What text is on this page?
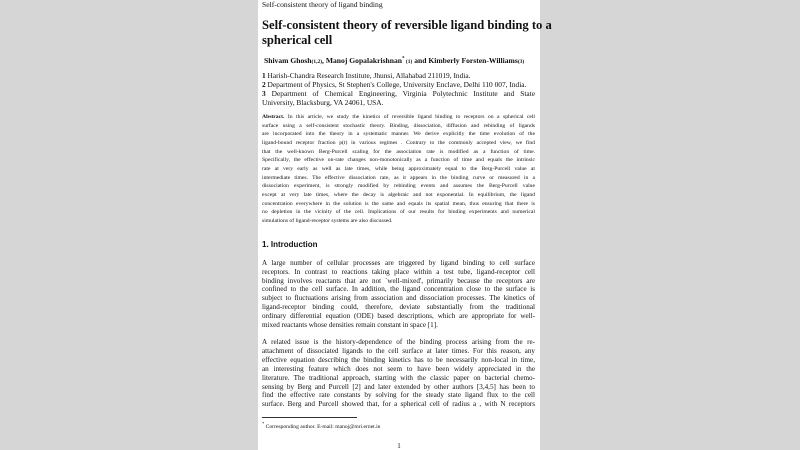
Self-consistent theory of ligand binding
Self-consistent theory of reversible ligand binding to a
spherical cell
Shivam Ghosh(1,2), Manoj Gopalakrishnan* (1) and Kimberly Forsten-Williams(3)
1 Harish-Chandra Research Institute, Jhunsi, Allahabad 211019, India.
2 Department of Physics, St Stephen's College, University Enclave, Delhi 110 007, India.
3 Department of Chemical Engineering, Virginia Polytechnic Institute and State
University, Blacksburg, VA 24061, USA.
Abstract. In this article, we study the kinetics of reversible ligand binding to receptors on a spherical cell
surface using a self-consistent stochastic theory. Binding, dissociation, diffusion and rebinding of ligands
are incorporated into the theory in a systematic manner. We derive explicitly the time evolution of the
ligand-bound receptor fraction p(t) in various regimes . Contrary to the commonly accepted view, we find
that the well-known Berg-Purcell scaling for the association rate is modified as a function of time.
Specifically, the effective on-rate changes non-monotonically as a function of time and equals the intrinsic
rate at very early as well as late times, while being approximately equal to the Berg-Purcell value at
intermediate times. The effective dissociation rate, as it appears in the binding curve or measured in a
dissociation experiment, is strongly modified by rebinding events and assumes the Berg-Purcell value
except at very late times, where the decay is algebraic and not exponential. In equilibrium, the ligand
concentration everywhere in the solution is the same and equals its spatial mean, thus ensuring that there is
no depletion in the vicinity of the cell. Implications of our results for binding experiments and numerical
simulations of ligand-receptor systems are also discussed.
1. Introduction
A large number of cellular processes are triggered by ligand binding to cell surface
receptors. In contrast to reactions taking place within a test tube, ligand-receptor cell
binding involves reactants that are not `well-mixed', primarily because the receptors are
confined to the cell surface. In addition, the ligand concentration close to the surface is
subject to fluctuations arising from association and dissociation processes. The kinetics of
ligand-receptor binding could, therefore, deviate substantially from the traditional
ordinary differential equation (ODE) based descriptions, which are appropriate for well-
mixed reactants whose densities remain constant in space [1].
A related issue is the history-dependence of the binding process arising from the re-
attachment of dissociated ligands to the cell surface at later times. For this reason, any
effective equation describing the binding kinetics has to be necessarily non-local in time,
an interesting feature which does not seem to have been widely appreciated in the
literature. The traditional approach, starting with the classic paper on bacterial chemo-
sensing by Berg and Purcell [2] and later extended by other authors [3,4,5] has been to
find the effective rate constants by solving for the steady state ligand flux to the cell
surface. Berg and Purcell showed that, for a spherical cell of radius a , with N receptors
* Corresponding author. E-mail: manoj@mri.ernet.in
1
